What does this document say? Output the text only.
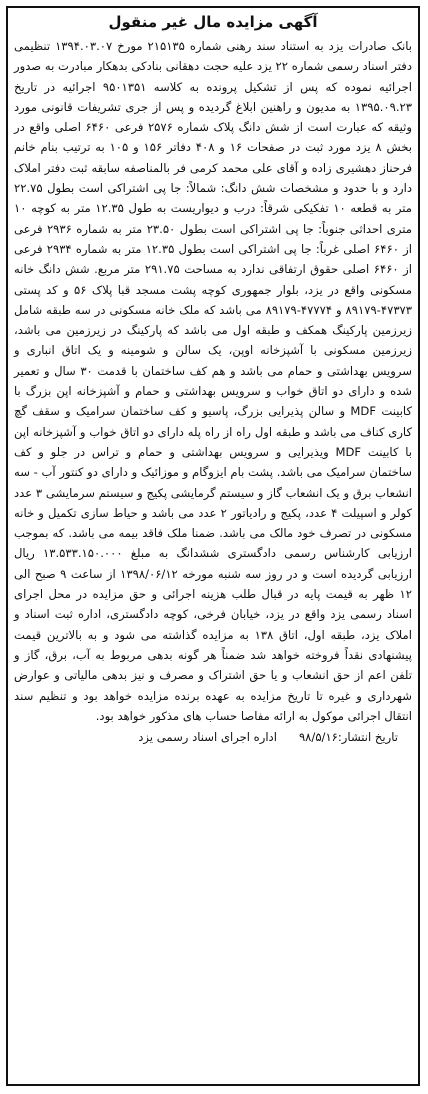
آگهی مزایده مال غیر منقول

بانک صادرات یزد به استناد سند رهنی شماره ۲۱۵۱۳۵ مورخ ۱۳۹۴.۰۳.۰۷ تنظیمی دفتر اسناد رسمی شماره ۲۲ یزد علیه حجت دهقانی بنادکی بدهکار مبادرت به صدور اجرائیه نموده که پس از تشکیل پرونده به کلاسه ۹۵۰۱۳۵۱ اجرائیه در تاریخ ۱۳۹۵.۰۹.۲۳ به مدیون و راهنین ابلاغ گردیده و پس از جری تشریفات قانونی مورد وثیقه که عبارت است از شش دانگ پلاک شماره ۲۵۷۶ فرعی ۶۴۶۰ اصلی واقع در بخش ۸ یزد مورد ثبت در صفحات ۱۶ و ۴۰۸ دفاتر ۱۵۶ و ۱۰۵ به ترتیب بنام خانم فرحناز دهشیری زاده و آقای علی محمد کرمی فر بالمناصفه سابقه ثبت دفتر املاک دارد و با حدود و مشخصات شش دانگ: شمالاً: جا پی اشتراکی است بطول ۲۲.۷۵ متر به قطعه ۱۰ تفکیکی شرقاً: درب و دیواریست به طول ۱۲.۳۵ متر به کوچه ۱۰ متری احداثی جنوباً: جا پی اشتراکی است بطول ۲۳.۵۰ متر به شماره ۲۹۳۶ فرعی از ۶۴۶۰ اصلی غرباً: جا پی اشتراکی است بطول ۱۲.۳۵ متر به شماره ۲۹۳۴ فرعی از ۶۴۶۰ اصلی حقوق ارتفاقی ندارد به مساحت ۲۹۱.۷۵ متر مربع. شش دانگ خانه مسکونی واقع در یزد، بلوار جمهوری کوچه پشت مسجد قبا پلاک ۵۶ و کد پستی ۴۷۳۷۳-۸۹۱۷۹ و ۴۷۷۷۴-۸۹۱۷۹ می باشد که ملک خانه مسکونی در سه طبقه شامل زیرزمین پارکینگ همکف و طبقه اول می باشد که پارکینگ در زیرزمین می باشد، زیرزمین مسکونی با آشپزخانه اوپن، یک سالن و شومینه و یک اتاق انباری و سرویس بهداشتی و حمام می باشد و هم کف ساختمان با قدمت ۳۰ سال و تعمیر شده و دارای دو اتاق خواب و سرویس بهداشتی و حمام و آشپزخانه اپن بزرگ با کابینت MDF و سالن پذیرایی بزرگ، پاسیو و کف ساختمان سرامیک و سقف گچ کاری کناف می باشد و طبقه اول راه از راه پله دارای دو اتاق خواب و آشپزخانه اپن با کابینت MDF ویذیرایی و سرویس بهداشتی و حمام و تراس در جلو و کف ساختمان سرامیک می باشد. پشت بام ایزوگام و موزائیک و دارای دو کنتور آب - سه انشعاب برق و یک انشعاب گاز و سیستم گرمایشی پکیج و سیستم سرمایشی ۳ عدد کولر و اسپیلت ۴ عدد، پکیج و رادیاتور ۲ عدد می باشد و حیاط سازی تکمیل و خانه مسکونی در تصرف خود مالک می باشد. ضمنا ملک فاقد بیمه می باشد. که بموجب ارزیابی کارشناس رسمی دادگستری ششدانگ به مبلغ ۱۳.۵۳۳.۱۵۰.۰۰۰ ریال ارزیابی گردیده است و در روز سه شنبه مورخه ۱۳۹۸/۰۶/۱۲ از ساعت ۹ صبح الی ۱۲ ظهر به قیمت پایه در قبال طلب هزینه اجرائی و حق مزایده در محل اجرای اسناد رسمی یزد واقع در یزد، خیابان فرخی، کوچه دادگستری، اداره ثبت اسناد و املاک یزد، طبقه اول، اتاق ۱۳۸ به مزایده گذاشته می شود و به بالاترین قیمت پیشنهادی نقداً فروخته خواهد شد ضمناً هر گونه بدهی مربوط به آب، برق، گاز و تلفن اعم از حق انشعاب و یا حق اشتراک و مصرف و نیز بدهی مالیاتی و عوارض شهرداری و غیره تا تاریخ مزایده به عهده برنده مزایده خواهد بود و تنظیم سند انتقال اجرائی موکول به ارائه مفاصا حساب های مذکور خواهد بود.

تاریخ انتشار:۹۸/۵/۱۶
اداره اجرای اسناد رسمی یزد
